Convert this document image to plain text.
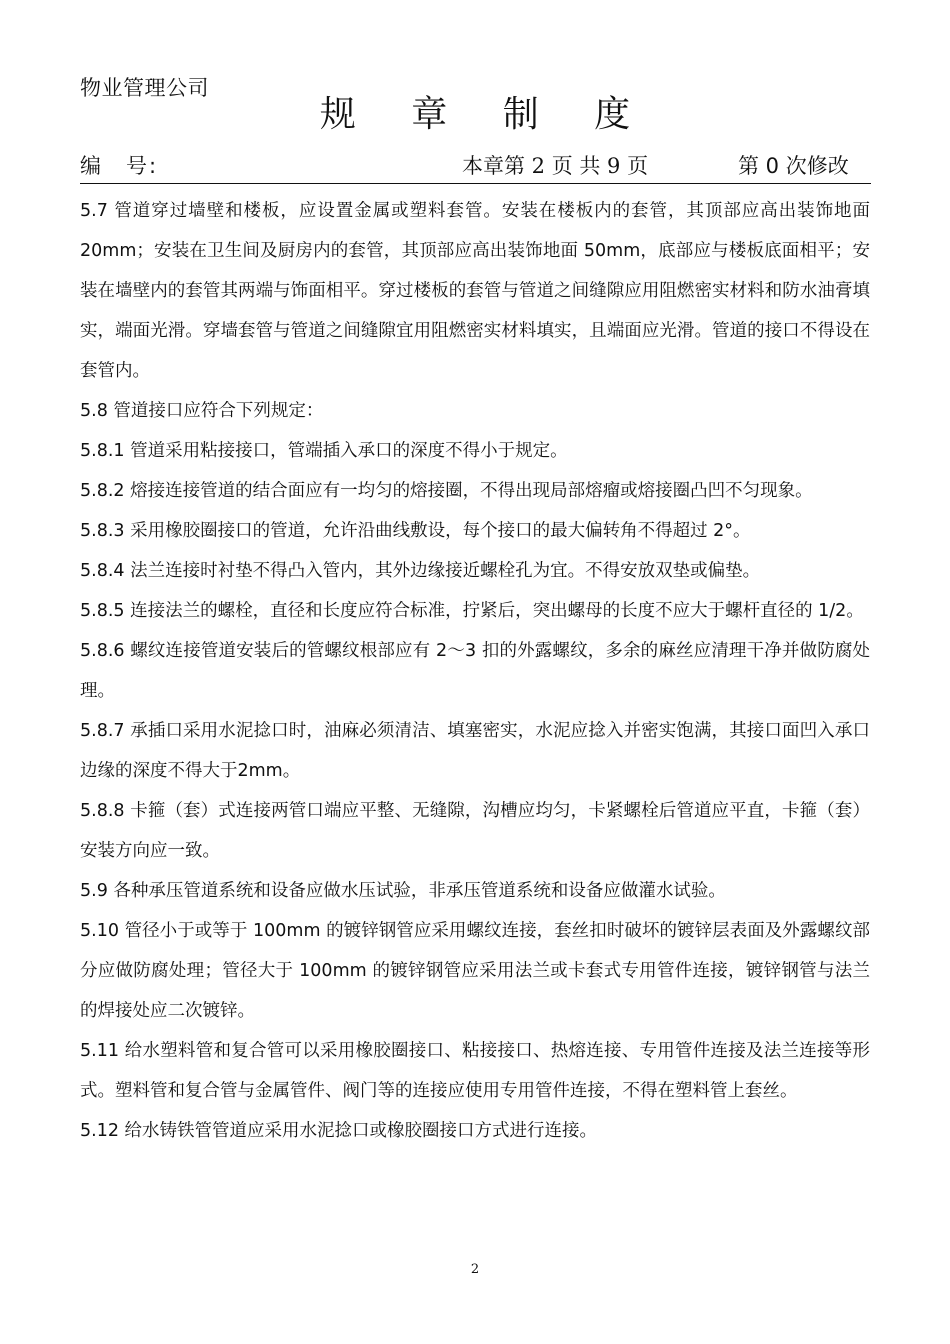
物业管理公司
规 章 制 度
编　号:	本章第 2 页 共 9 页	第 0 次修改

5.7 管道穿过墙壁和楼板，应设置金属或塑料套管。安装在楼板内的套管，其顶部应高出装饰地面 20mm；安装在卫生间及厨房内的套管，其顶部应高出装饰地面 50mm，底部应与楼板底面相平；安装在墙壁内的套管其两端与饰面相平。穿过楼板的套管与管道之间缝隙应用阻燃密实材料和防水油膏填实，端面光滑。穿墙套管与管道之间缝隙宜用阻燃密实材料填实，且端面应光滑。管道的接口不得设在套管内。

5.8 管道接口应符合下列规定：

5.8.1 管道采用粘接接口，管端插入承口的深度不得小于规定。

5.8.2 熔接连接管道的结合面应有一均匀的熔接圈，不得出现局部熔瘤或熔接圈凸凹不匀现象。

5.8.3 采用橡胶圈接口的管道，允许沿曲线敷设，每个接口的最大偏转角不得超过 2°。

5.8.4 法兰连接时衬垫不得凸入管内，其外边缘接近螺栓孔为宜。不得安放双垫或偏垫。

5.8.5 连接法兰的螺栓，直径和长度应符合标准，拧紧后，突出螺母的长度不应大于螺杆直径的 1/2。

5.8.6 螺纹连接管道安装后的管螺纹根部应有 2～3 扣的外露螺纹，多余的麻丝应清理干净并做防腐处理。

5.8.7 承插口采用水泥捻口时，油麻必须清洁、填塞密实，水泥应捻入并密实饱满，其接口面凹入承口边缘的深度不得大于2mm。

5.8.8 卡箍（套）式连接两管口端应平整、无缝隙，沟槽应均匀，卡紧螺栓后管道应平直，卡箍（套）安装方向应一致。

5.9 各种承压管道系统和设备应做水压试验，非承压管道系统和设备应做灌水试验。

5.10 管径小于或等于 100mm 的镀锌钢管应采用螺纹连接，套丝扣时破坏的镀锌层表面及外露螺纹部分应做防腐处理；管径大于 100mm 的镀锌钢管应采用法兰或卡套式专用管件连接，镀锌钢管与法兰的焊接处应二次镀锌。

5.11 给水塑料管和复合管可以采用橡胶圈接口、粘接接口、热熔连接、专用管件连接及法兰连接等形式。塑料管和复合管与金属管件、阀门等的连接应使用专用管件连接，不得在塑料管上套丝。

5.12 给水铸铁管管道应采用水泥捻口或橡胶圈接口方式进行连接。

2
